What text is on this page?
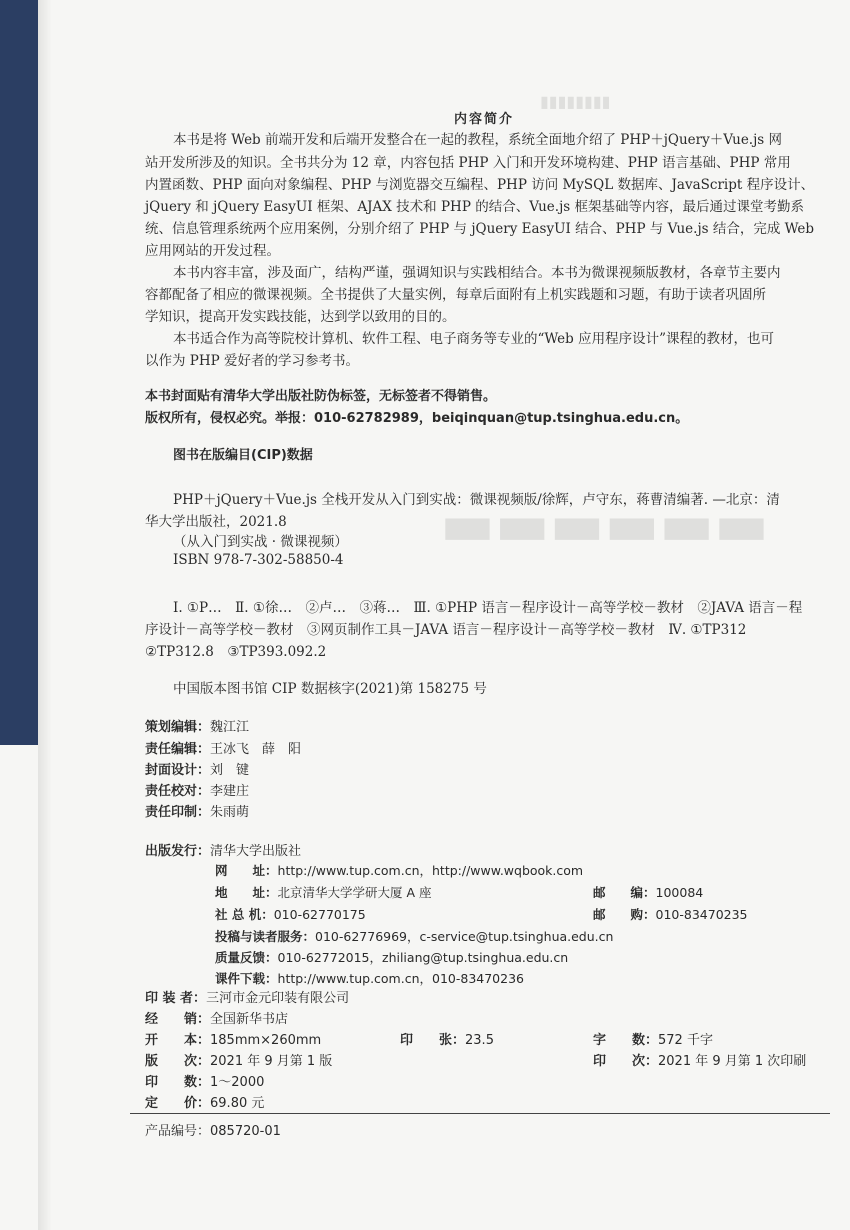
▮▮▮▮▮▮▮▮
▬▬▬▬▬▬
内容简介
本书是将 Web 前端开发和后端开发整合在一起的教程，系统全面地介绍了 PHP＋jQuery＋Vue.js 网
站开发所涉及的知识。全书共分为 12 章，内容包括 PHP 入门和开发环境构建、PHP 语言基础、PHP 常用
内置函数、PHP 面向对象编程、PHP 与浏览器交互编程、PHP 访问 MySQL 数据库、JavaScript 程序设计、
jQuery 和 jQuery EasyUI 框架、AJAX 技术和 PHP 的结合、Vue.js 框架基础等内容，最后通过课堂考勤系
统、信息管理系统两个应用案例，分别介绍了 PHP 与 jQuery EasyUI 结合、PHP 与 Vue.js 结合，完成 Web
应用网站的开发过程。
本书内容丰富，涉及面广，结构严谨，强调知识与实践相结合。本书为微课视频版教材，各章节主要内
容都配备了相应的微课视频。全书提供了大量实例，每章后面附有上机实践题和习题，有助于读者巩固所
学知识，提高开发实践技能，达到学以致用的目的。
本书适合作为高等院校计算机、软件工程、电子商务等专业的“Web 应用程序设计”课程的教材，也可
以作为 PHP 爱好者的学习参考书。
本书封面贴有清华大学出版社防伪标签，无标签者不得销售。
版权所有，侵权必究。举报：010-62782989，beiqinquan@tup.tsinghua.edu.cn。
图书在版编目(CIP)数据
PHP＋jQuery＋Vue.js 全栈开发从入门到实战：微课视频版/徐辉，卢守东，蒋曹清编著. —北京：清
华大学出版社，2021.8
（从入门到实战 · 微课视频）
ISBN 978-7-302-58850-4
Ⅰ. ①P…　Ⅱ. ①徐…　②卢…　③蒋…　Ⅲ. ①PHP 语言－程序设计－高等学校－教材　②JAVA 语言－程
序设计－高等学校－教材　③网页制作工具－JAVA 语言－程序设计－高等学校－教材　Ⅳ. ①TP312
②TP312.8　③TP393.092.2
中国版本图书馆 CIP 数据核字(2021)第 158275 号
策划编辑：魏江江
责任编辑：王冰飞　薛　阳
封面设计：刘　键
责任校对：李建庄
责任印制：朱雨萌
出版发行：清华大学出版社
网　　址：http://www.tup.com.cn，http://www.wqbook.com
地　　址：北京清华大学学研大厦 A 座	邮　　编：100084
社 总 机：010-62770175	邮　　购：010-83470235
投稿与读者服务：010-62776969，c-service@tup.tsinghua.edu.cn
质量反馈：010-62772015，zhiliang@tup.tsinghua.edu.cn
课件下载：http://www.tup.com.cn，010-83470236
印 装 者：三河市金元印装有限公司
经　　销：全国新华书店
开　　本：185mm×260mm	印　　张：23.5	字　　数：572 千字
版　　次：2021 年 9 月第 1 版	印　　次：2021 年 9 月第 1 次印刷
印　　数：1～2000
定　　价：69.80 元
产品编号：085720-01
